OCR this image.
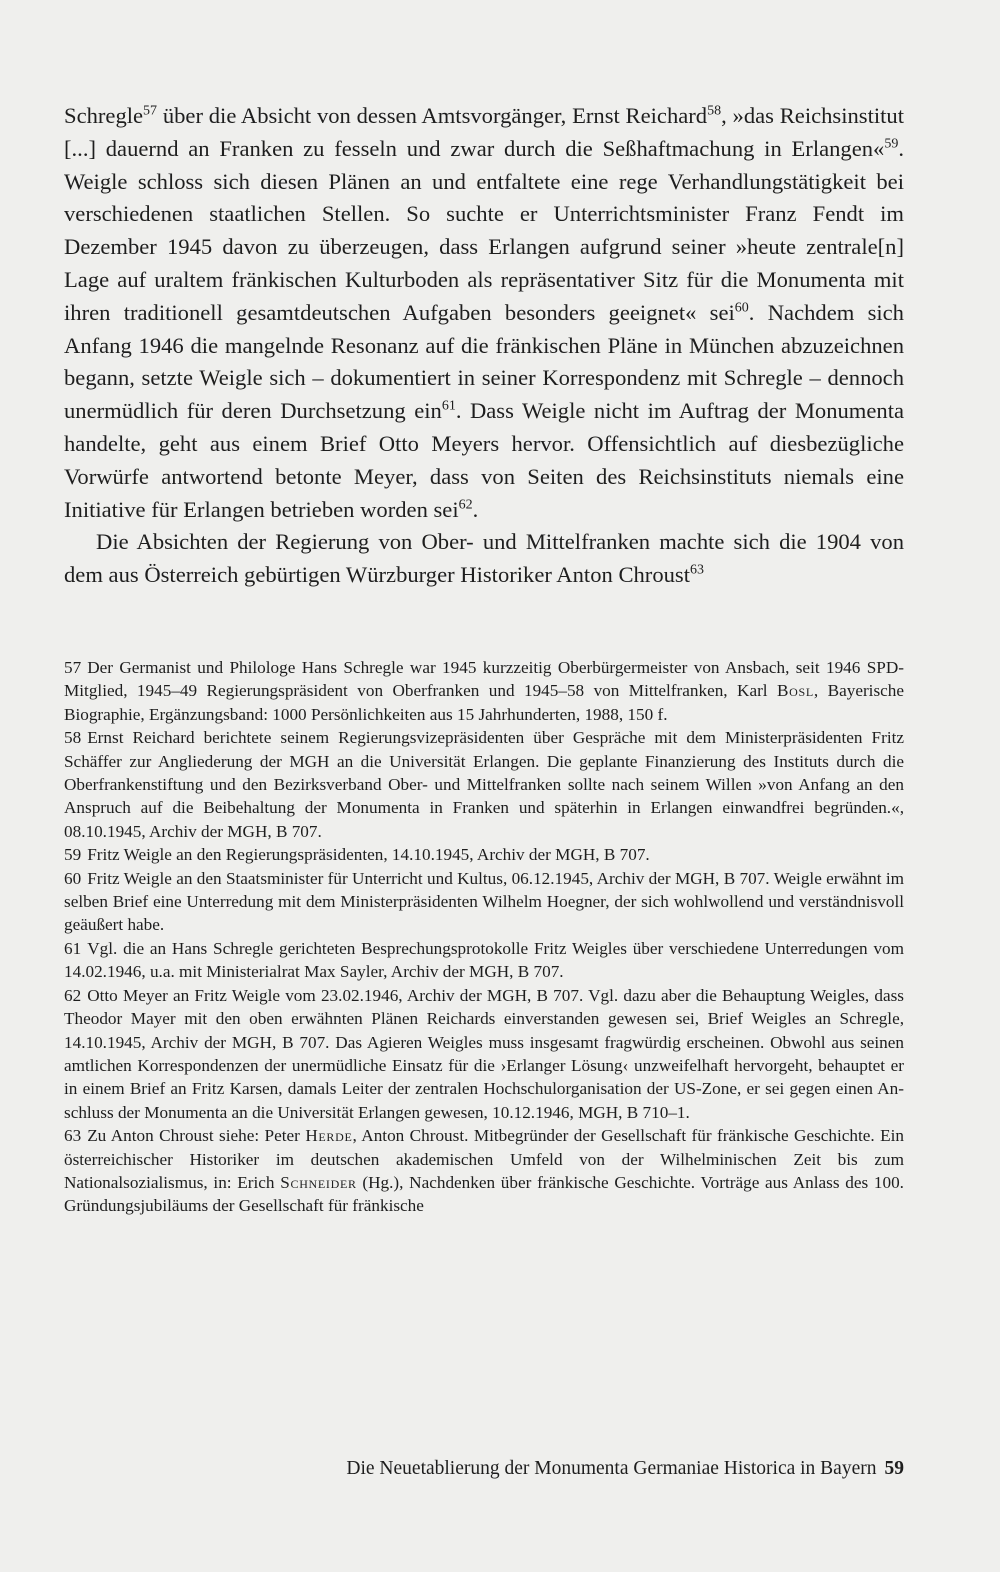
Schregle$^{57}$ über die Absicht von dessen Amtsvorgänger, Ernst Reichard$^{58}$, »das Reichsinstitut [...] dauernd an Franken zu fesseln und zwar durch die Seßhaftmachung in Erlangen«$^{59}$. Weigle schloss sich diesen Plänen an und entfaltete eine rege Verhandlungstätigkeit bei verschiedenen staatlichen Stellen. So suchte er Unterrichtsminister Franz Fendt im Dezember 1945 davon zu überzeugen, dass Erlangen aufgrund seiner »heute zentrale[n] Lage auf uraltem fränkischen Kulturboden als repräsentativer Sitz für die Monumenta mit ihren traditionell gesamtdeutschen Aufgaben besonders geeignet« sei$^{60}$. Nachdem sich Anfang 1946 die mangelnde Resonanz auf die fränkischen Pläne in München abzuzeichnen begann, setzte Weigle sich – dokumentiert in seiner Korrespondenz mit Schregle – dennoch unermüdlich für deren Durchsetzung ein$^{61}$. Dass Weigle nicht im Auftrag der Monumenta handelte, geht aus einem Brief Otto Meyers hervor. Offensichtlich auf diesbezügliche Vorwürfe antwortend betonte Meyer, dass von Seiten des Reichsinstituts niemals eine Initiative für Erlangen betrieben worden sei$^{62}$.

Die Absichten der Regierung von Ober- und Mittelfranken machte sich die 1904 von dem aus Österreich gebürtigen Würzburger Historiker Anton Chroust$^{63}$

57 Der Germanist und Philologe Hans Schregle war 1945 kurzzeitig Oberbürgermeister von Ansbach, seit 1946 SPD-Mitglied, 1945–49 Regierungspräsident von Oberfranken und 1945–58 von Mittelfranken, Karl Bosl, Bayerische Biographie, Ergänzungsband: 1000 Persönlichkeiten aus 15 Jahrhunderten, 1988, 150 f.

58 Ernst Reichard berichtete seinem Regierungsvizepräsidenten über Gespräche mit dem Ministerpräsidenten Fritz Schäffer zur Angliederung der MGH an die Universität Erlangen. Die geplante Finanzierung des Instituts durch die Oberfrankenstiftung und den Bezirksverband Ober- und Mittelfranken sollte nach seinem Willen »von Anfang an den Anspruch auf die Beibehaltung der Monumenta in Franken und späterhin in Erlangen einwandfrei begründen.«, 08.10.1945, Archiv der MGH, B 707.

59 Fritz Weigle an den Regierungspräsidenten, 14.10.1945, Archiv der MGH, B 707.

60 Fritz Weigle an den Staatsminister für Unterricht und Kultus, 06.12.1945, Archiv der MGH, B 707. Weigle erwähnt im selben Brief eine Unterredung mit dem Ministerpräsidenten Wilhelm Hoegner, der sich wohlwollend und verständnisvoll geäußert habe.

61 Vgl. die an Hans Schregle gerichteten Besprechungsprotokolle Fritz Weigles über verschiedene Unterredungen vom 14.02.1946, u.a. mit Ministerialrat Max Sayler, Archiv der MGH, B 707.

62 Otto Meyer an Fritz Weigle vom 23.02.1946, Archiv der MGH, B 707. Vgl. dazu aber die Behauptung Weigles, dass Theodor Mayer mit den oben erwähnten Plänen Reichards einverstanden gewesen sei, Brief Weigles an Schregle, 14.10.1945, Archiv der MGH, B 707. Das Agieren Weigles muss insgesamt fragwürdig erscheinen. Obwohl aus seinen amtlichen Korrespondenzen der unermüdliche Einsatz für die ›Erlanger Lösung‹ unzweifelhaft hervorgeht, behauptet er in einem Brief an Fritz Karsen, damals Leiter der zentralen Hochschulorganisation der US-Zone, er sei gegen einen Anschluss der Monumenta an die Universität Erlangen gewesen, 10.12.1946, MGH, B 710–1.

63 Zu Anton Chroust siehe: Peter Herde, Anton Chroust. Mitbegründer der Gesellschaft für fränkische Geschichte. Ein österreichischer Historiker im deutschen akademischen Umfeld von der Wilhelminischen Zeit bis zum Nationalsozialismus, in: Erich Schneider (Hg.), Nachdenken über fränkische Geschichte. Vorträge aus Anlass des 100. Gründungsjubiläums der Gesellschaft für fränkische

Die Neuetablierung der Monumenta Germaniae Historica in Bayern 59
